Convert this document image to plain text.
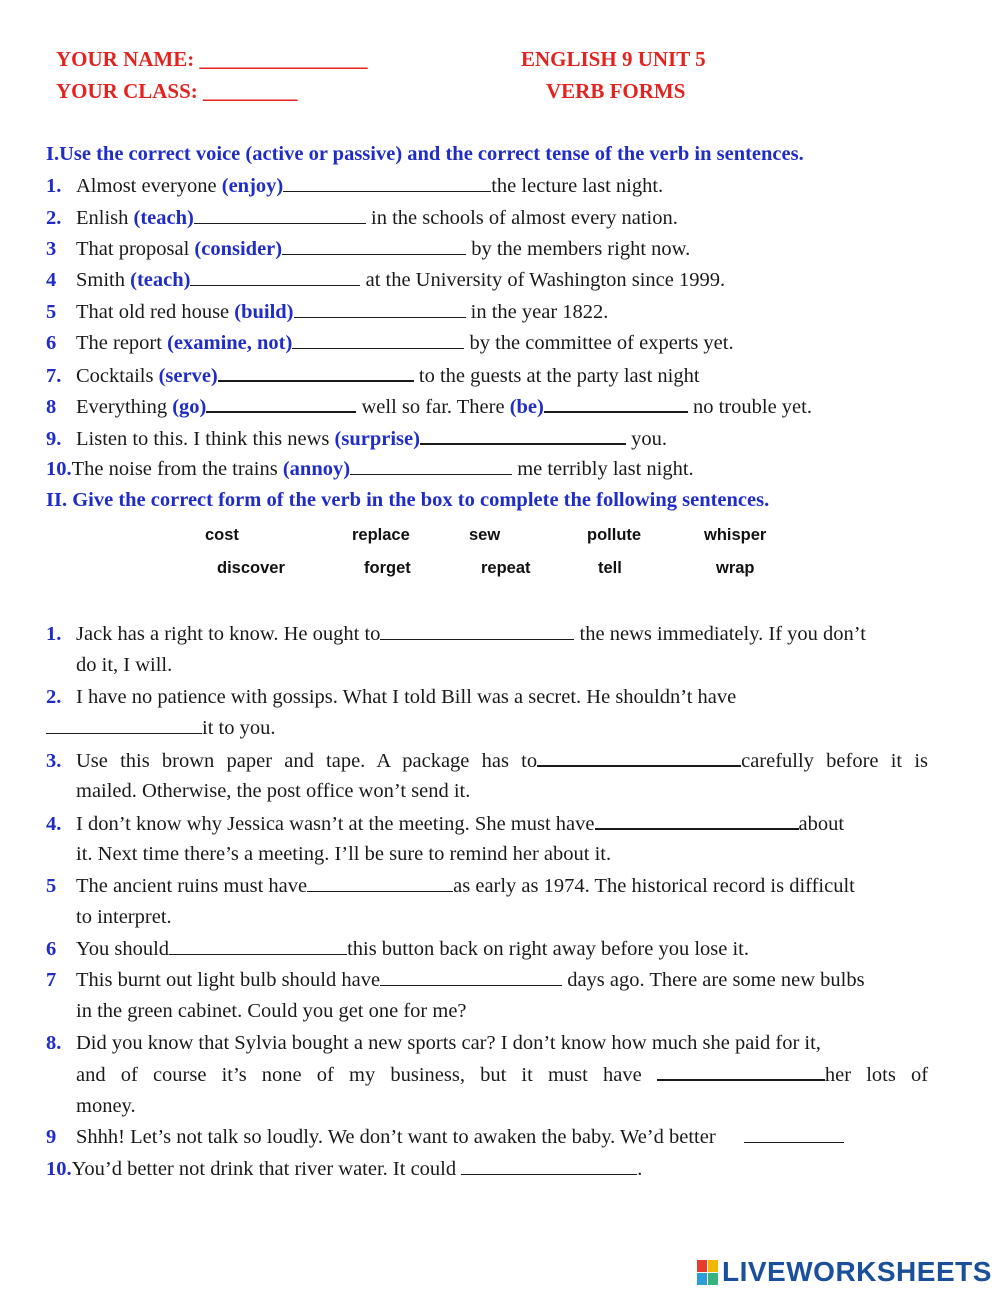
YOUR NAME: ________________
YOUR CLASS: _________
ENGLISH 9 UNIT 5
VERB FORMS
I.Use the correct voice (active or passive) and the correct tense of the verb in sentences.
1. Almost everyone (enjoy)	the lecture last night.
2. Enlish (teach)	in the schools of almost every nation.
3 That proposal (consider)	by the members right now.
4 Smith (teach)	at the University of Washington since 1999.
5 That old red house (build)	in the year 1822.
6 The report (examine, not)	by the committee of experts yet.
7. Cocktails (serve)	to the guests at the party last night
8 Everything (go)	well so far. There (be)	no trouble yet.
9. Listen to this. I think this news (surprise)	you.
10.The noise from the trains (annoy)	me terribly last night.
II. Give the correct form of the verb in the box to complete the following sentences.
cost	replace	sew	pollute	whisper
discover	forget	repeat	tell	wrap
1. Jack has a right to know. He ought to	the news immediately. If you don’t
do it, I will.
2. I have no patience with gossips. What I told Bill was a secret. He shouldn’t have
it to you.
3. Use this brown paper and tape. A package has to	carefully before it is
mailed. Otherwise, the post office won’t send it.
4. I don’t know why Jessica wasn’t at the meeting. She must have	about
it. Next time there’s a meeting. I’ll be sure to remind her about it.
5 The ancient ruins must have	as early as 1974. The historical record is difficult
to interpret.
6 You should	this button back on right away before you lose it.
7 This burnt out light bulb should have	days ago. There are some new bulbs
in the green cabinet. Could you get one for me?
8. Did you know that Sylvia bought a new sports car? I don’t know how much she paid for it,
and of course it’s none of my business, but it must have	her lots of
money.
9 Shhh! Let’s not talk so loudly. We don’t want to awaken the baby. We’d better
10.You’d better not drink that river water. It could	.
LIVEWORKSHEETS
